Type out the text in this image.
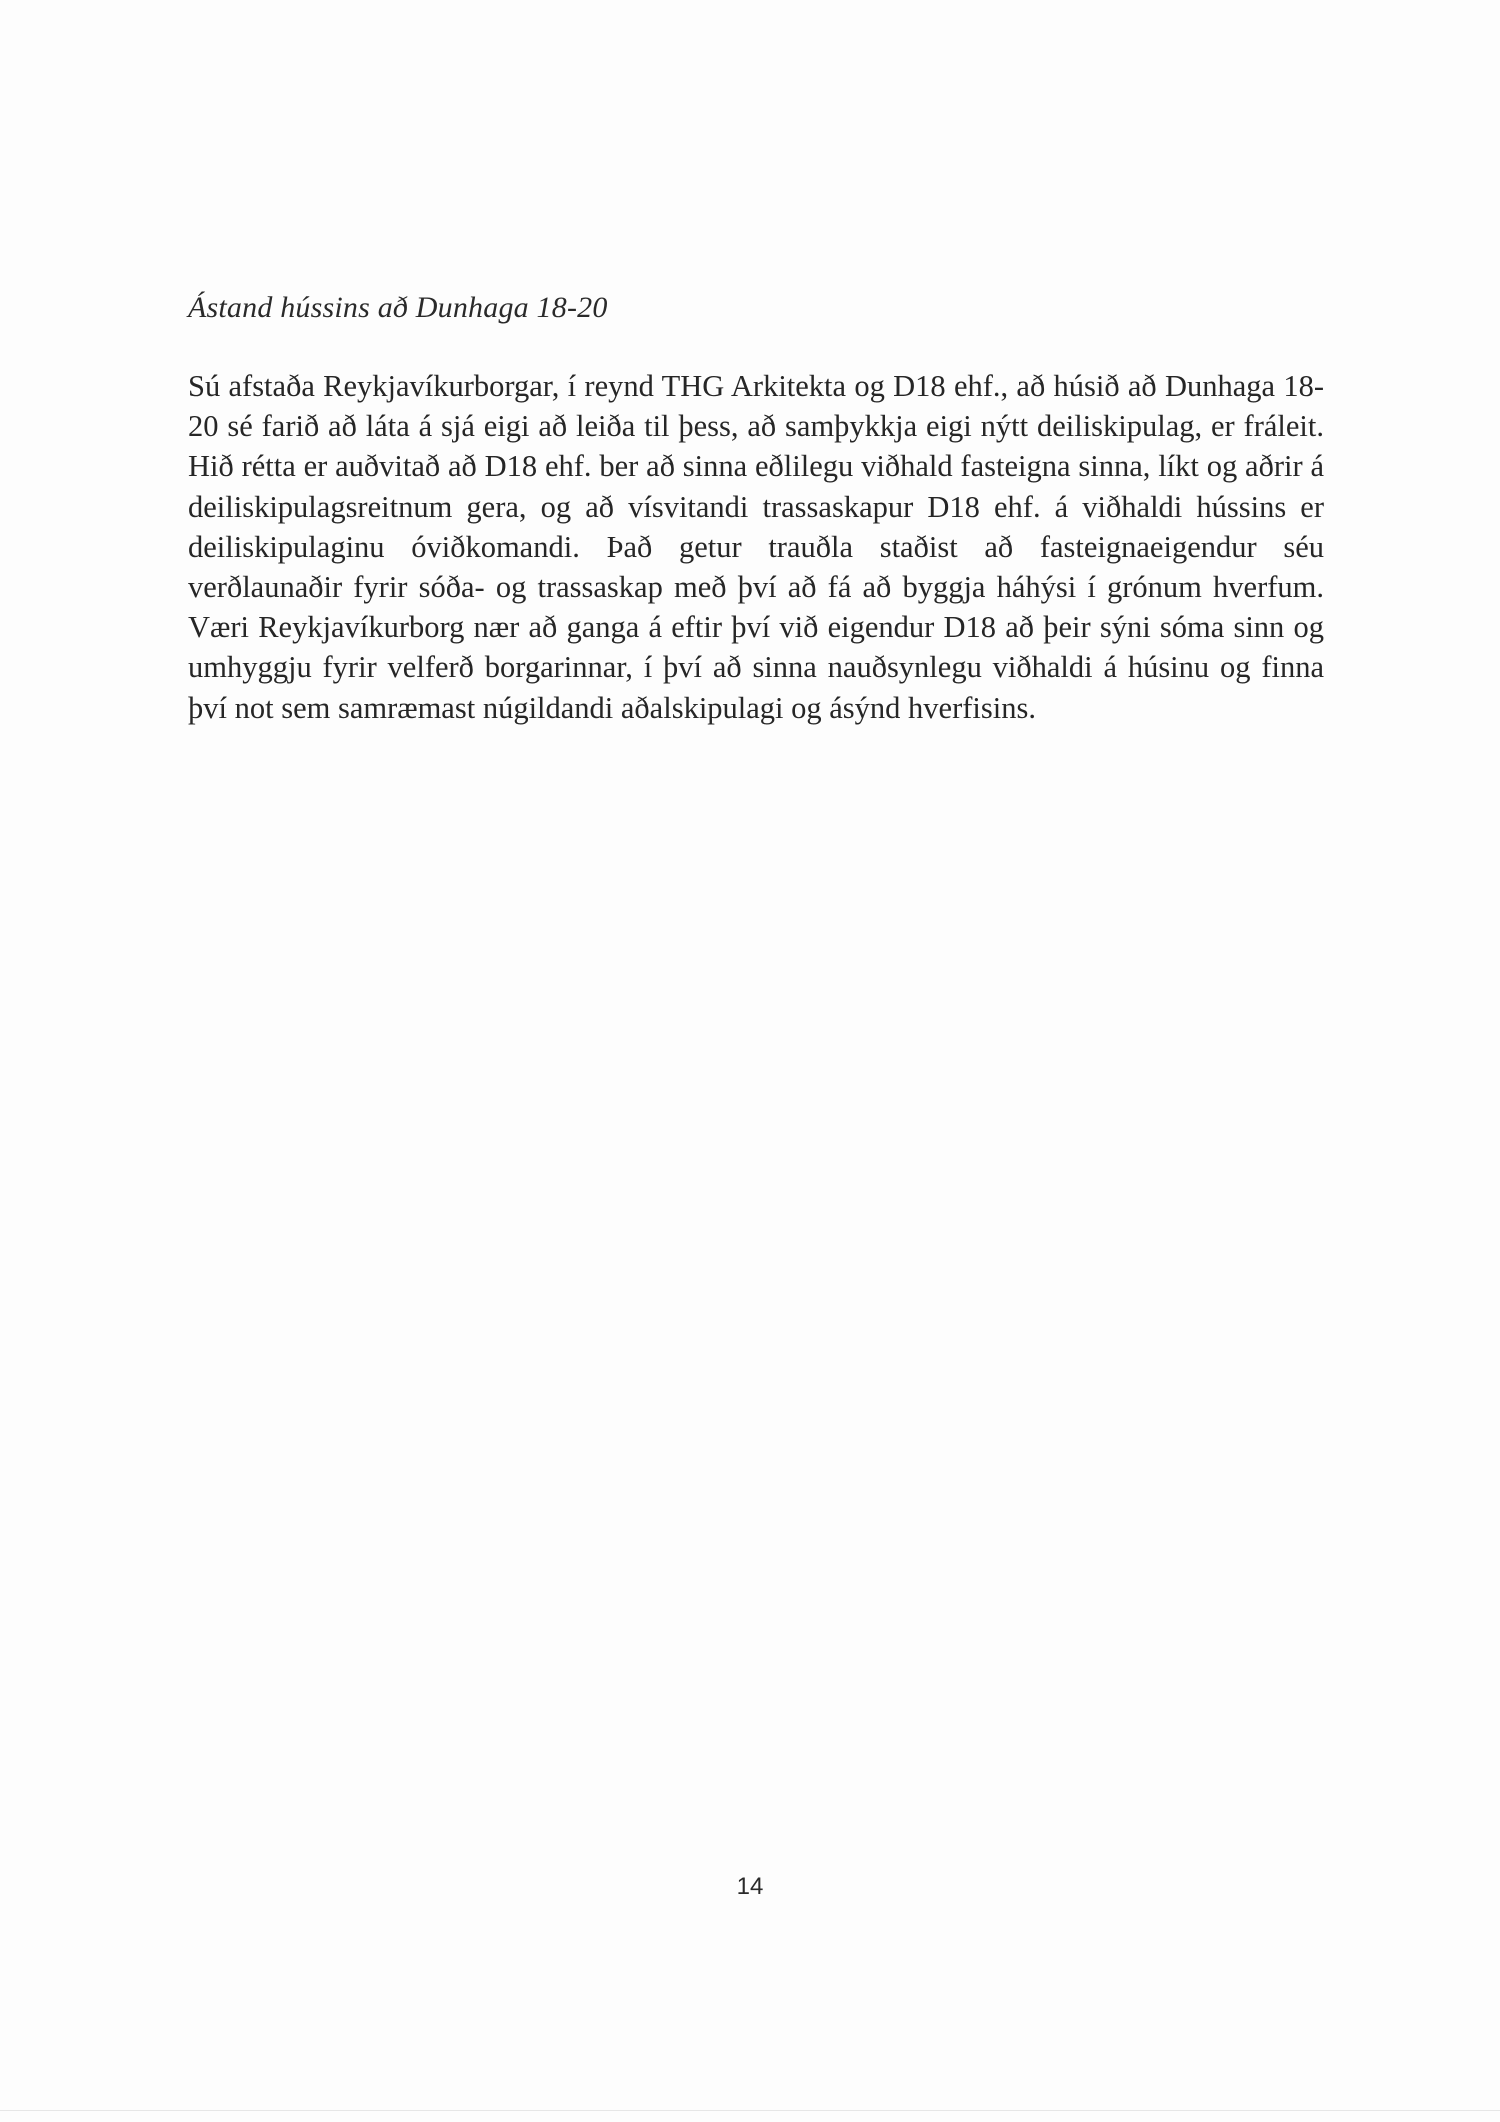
Ástand hússins að Dunhaga 18-20

Sú afstaða Reykjavíkurborgar, í reynd THG Arkitekta og D18 ehf., að húsið að Dunhaga 18-20 sé farið að láta á sjá eigi að leiða til þess, að samþykkja eigi nýtt deiliskipulag, er fráleit. Hið rétta er auðvitað að D18 ehf. ber að sinna eðlilegu viðhald fasteigna sinna, líkt og aðrir á deiliskipulagsreitnum gera, og að vísvitandi trassaskapur D18 ehf. á viðhaldi hússins er deiliskipulaginu óviðkomandi. Það getur trauðla staðist að fasteignaeigendur séu verðlaunaðir fyrir sóða- og trassaskap með því að fá að byggja háhýsi í grónum hverfum. Væri Reykjavíkurborg nær að ganga á eftir því við eigendur D18 að þeir sýni sóma sinn og umhyggju fyrir velferð borgarinnar, í því að sinna nauðsynlegu viðhaldi á húsinu og finna því not sem samræmast núgildandi aðalskipulagi og ásýnd hverfisins.

14
